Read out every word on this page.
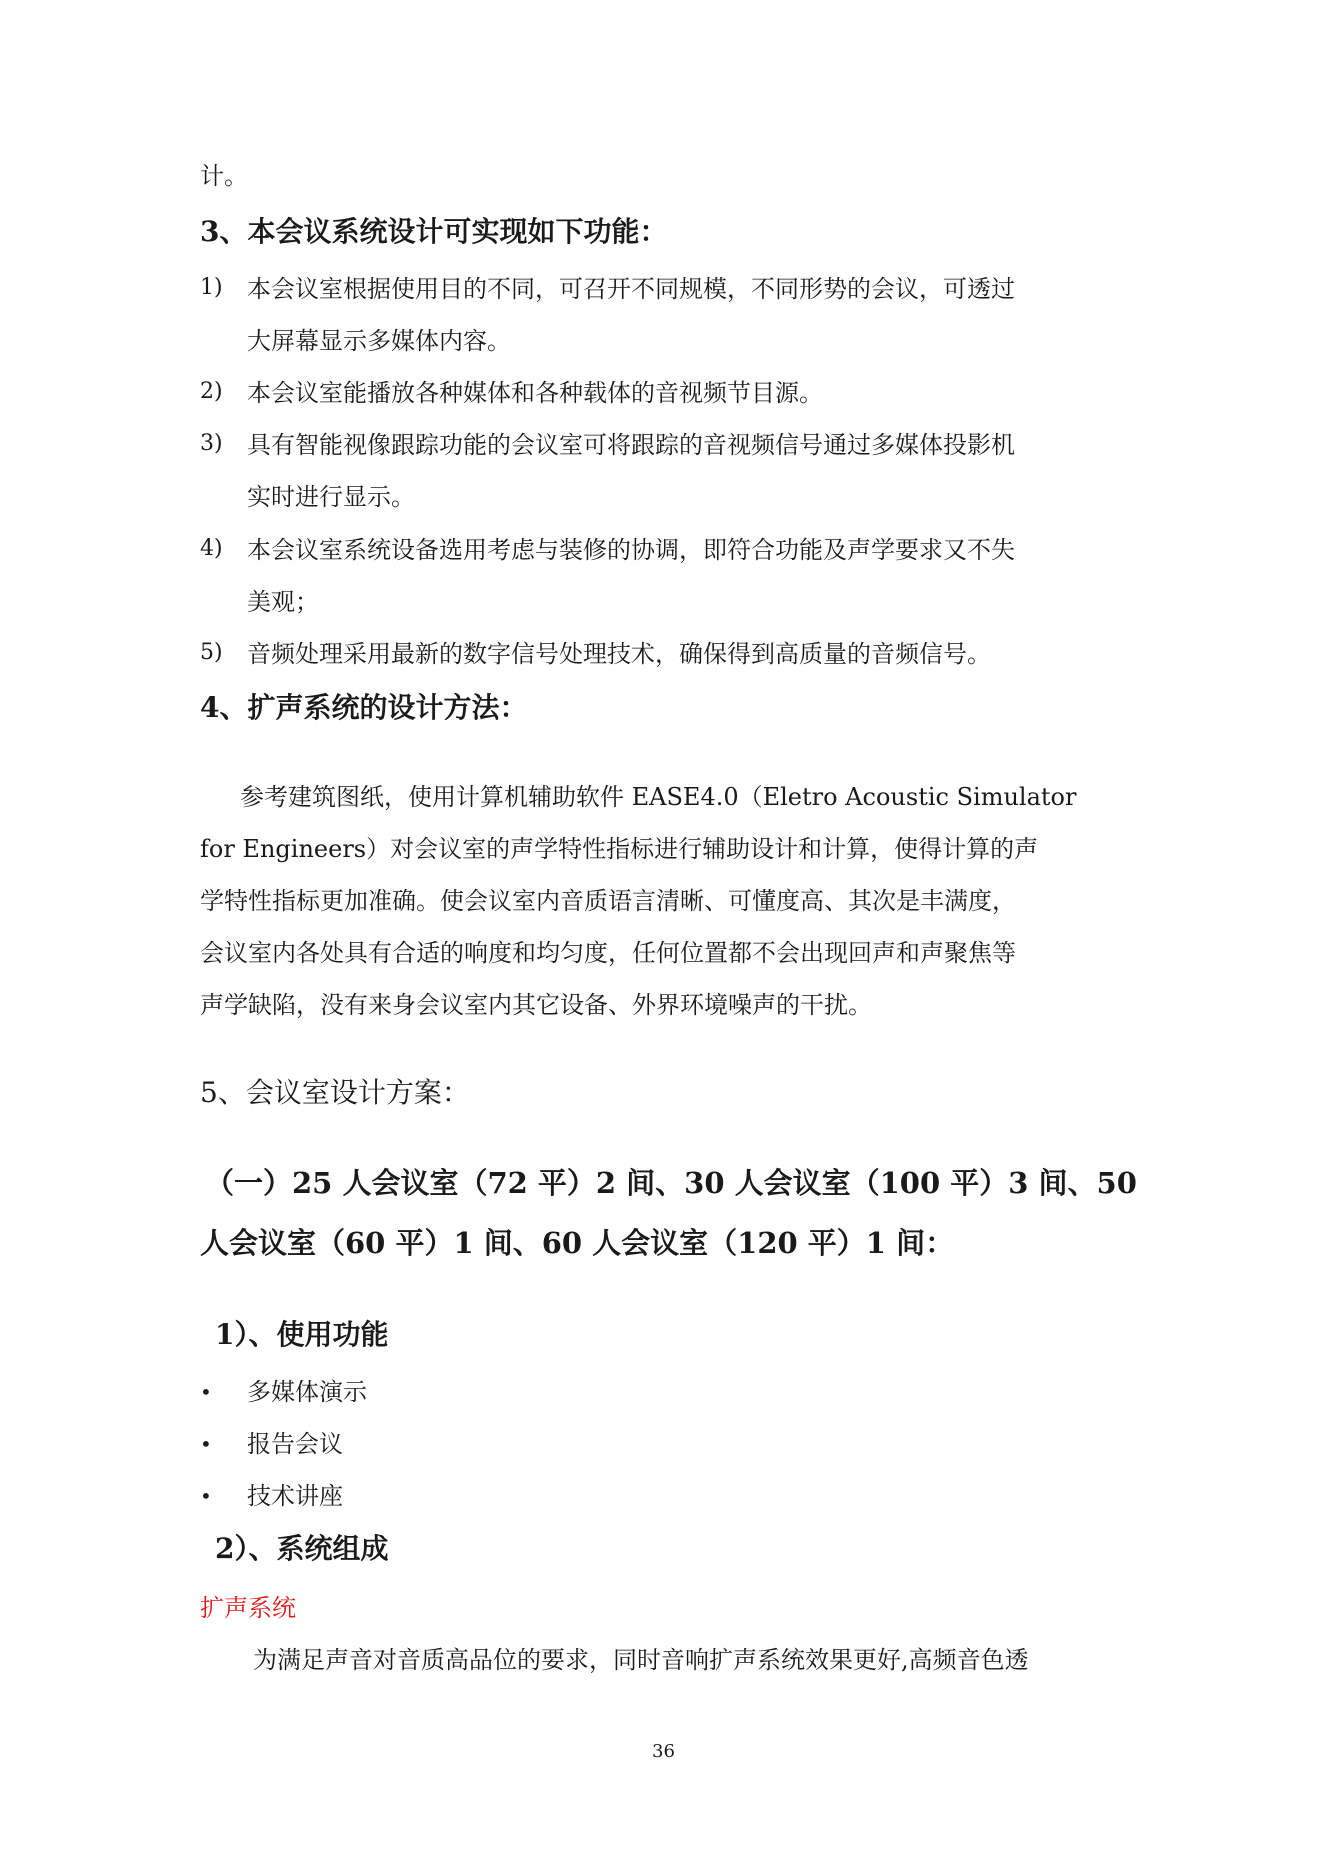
计。
3、本会议系统设计可实现如下功能：
1) 本会议室根据使用目的不同，可召开不同规模，不同形势的会议，可透过
大屏幕显示多媒体内容。
2) 本会议室能播放各种媒体和各种载体的音视频节目源。
3) 具有智能视像跟踪功能的会议室可将跟踪的音视频信号通过多媒体投影机
实时进行显示。
4) 本会议室系统设备选用考虑与装修的协调，即符合功能及声学要求又不失
美观；
5) 音频处理采用最新的数字信号处理技术，确保得到高质量的音频信号。
4、扩声系统的设计方法：
参考建筑图纸，使用计算机辅助软件 EASE4.0（Eletro Acoustic Simulator
for Engineers）对会议室的声学特性指标进行辅助设计和计算，使得计算的声
学特性指标更加准确。使会议室内音质语言清晰、可懂度高、其次是丰满度，
会议室内各处具有合适的响度和均匀度，任何位置都不会出现回声和声聚焦等
声学缺陷，没有来身会议室内其它设备、外界环境噪声的干扰。
5、会议室设计方案：
（一）25 人会议室（72 平）2 间、30 人会议室（100 平）3 间、50
人会议室（60 平）1 间、60 人会议室（120 平）1 间：
1）、使用功能
• 多媒体演示
• 报告会议
• 技术讲座
2）、系统组成
扩声系统
为满足声音对音质高品位的要求，同时音响扩声系统效果更好,高频音色透
36
